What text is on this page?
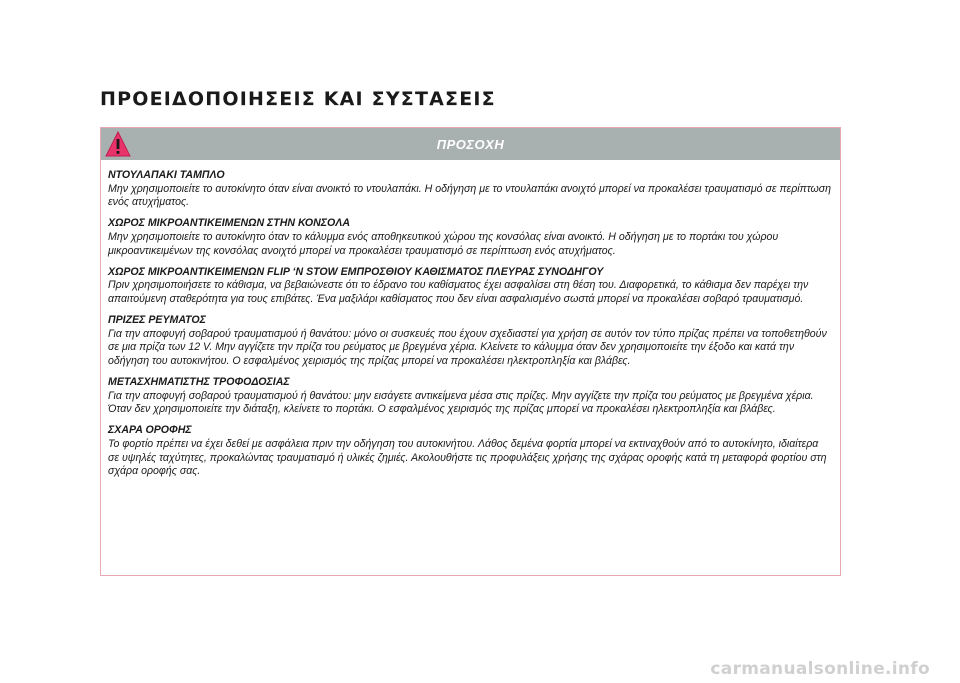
ΠΡΟΕΙΔΟΠΟΙΗΣΕΙΣ ΚΑΙ ΣΥΣΤΑΣΕΙΣ
ΠΡΟΣΟΧΗ

ΝΤΟΥΛΑΠΑΚΙ ΤΑΜΠΛΟ

Μην χρησιμοποιείτε το αυτοκίνητο όταν είναι ανοικτό το ντουλαπάκι. Η οδήγηση με το ντουλαπάκι ανοιχτό μπορεί να προκαλέσει τραυματισμό σε περίπτωση ενός ατυχήματος.

ΧΩΡΟΣ ΜΙΚΡΟΑΝΤΙΚΕΙΜΕΝΩΝ ΣΤΗΝ ΚΟΝΣΟΛΑ

Μην χρησιμοποιείτε το αυτοκίνητο όταν το κάλυμμα ενός αποθηκευτικού χώρου της κονσόλας είναι ανοικτό. Η οδήγηση με το πορτάκι του χώρου μικροαντικειμένων της κονσόλας ανοιχτό μπορεί να προκαλέσει τραυματισμό σε περίπτωση ενός ατυχήματος.

ΧΩΡΟΣ ΜΙΚΡΟΑΝΤΙΚΕΙΜΕΝΩΝ FLIP ‘N STOW ΕΜΠΡΟΣΘΙΟΥ ΚΑΘΙΣΜΑΤΟΣ ΠΛΕΥΡΑΣ ΣΥΝΟΔΗΓΟΥ

Πριν χρησιμοποιήσετε το κάθισμα, να βεβαιώνεστε ότι το έδρανο του καθίσματος έχει ασφαλίσει στη θέση του. Διαφορετικά, το κάθισμα δεν παρέχει την απαιτούμενη σταθερότητα για τους επιβάτες. Ένα μαξιλάρι καθίσματος που δεν είναι ασφαλισμένο σωστά μπορεί να προκαλέσει σοβαρό τραυματισμό.

ΠΡΙΖΕΣ ΡΕΥΜΑΤΟΣ

Για την αποφυγή σοβαρού τραυματισμού ή θανάτου: μόνο οι συσκευές που έχουν σχεδιαστεί για χρήση σε αυτόν τον τύπο πρίζας πρέπει να τοποθετηθούν σε μια πρίζα των 12 V. Μην αγγίζετε την πρίζα του ρεύματος με βρεγμένα χέρια. Κλείνετε το κάλυμμα όταν δεν χρησιμοποιείτε την έξοδο και κατά την οδήγηση του αυτοκινήτου. Ο εσφαλμένος χειρισμός της πρίζας μπορεί να προκαλέσει ηλεκτροπληξία και βλάβες.

ΜΕΤΑΣΧΗΜΑΤΙΣΤΗΣ ΤΡΟΦΟΔΟΣΙΑΣ

Για την αποφυγή σοβαρού τραυματισμού ή θανάτου: μην εισάγετε αντικείμενα μέσα στις πρίζες. Μην αγγίζετε την πρίζα του ρεύματος με βρεγμένα χέρια. Όταν δεν χρησιμοποιείτε την διάταξη, κλείνετε το πορτάκι. Ο εσφαλμένος χειρισμός της πρίζας μπορεί να προκαλέσει ηλεκτροπληξία και βλάβες.

ΣΧΑΡΑ ΟΡΟΦΗΣ

Το φορτίο πρέπει να έχει δεθεί με ασφάλεια πριν την οδήγηση του αυτοκινήτου. Λάθος δεμένα φορτία μπορεί να εκτιναχθούν από το αυτοκίνητο, ιδιαίτερα σε υψηλές ταχύτητες, προκαλώντας τραυματισμό ή υλικές ζημιές. Ακολουθήστε τις προφυλάξεις χρήσης της σχάρας οροφής κατά τη μεταφορά φορτίου στη σχάρα οροφής σας.

carmanualsonline.info
